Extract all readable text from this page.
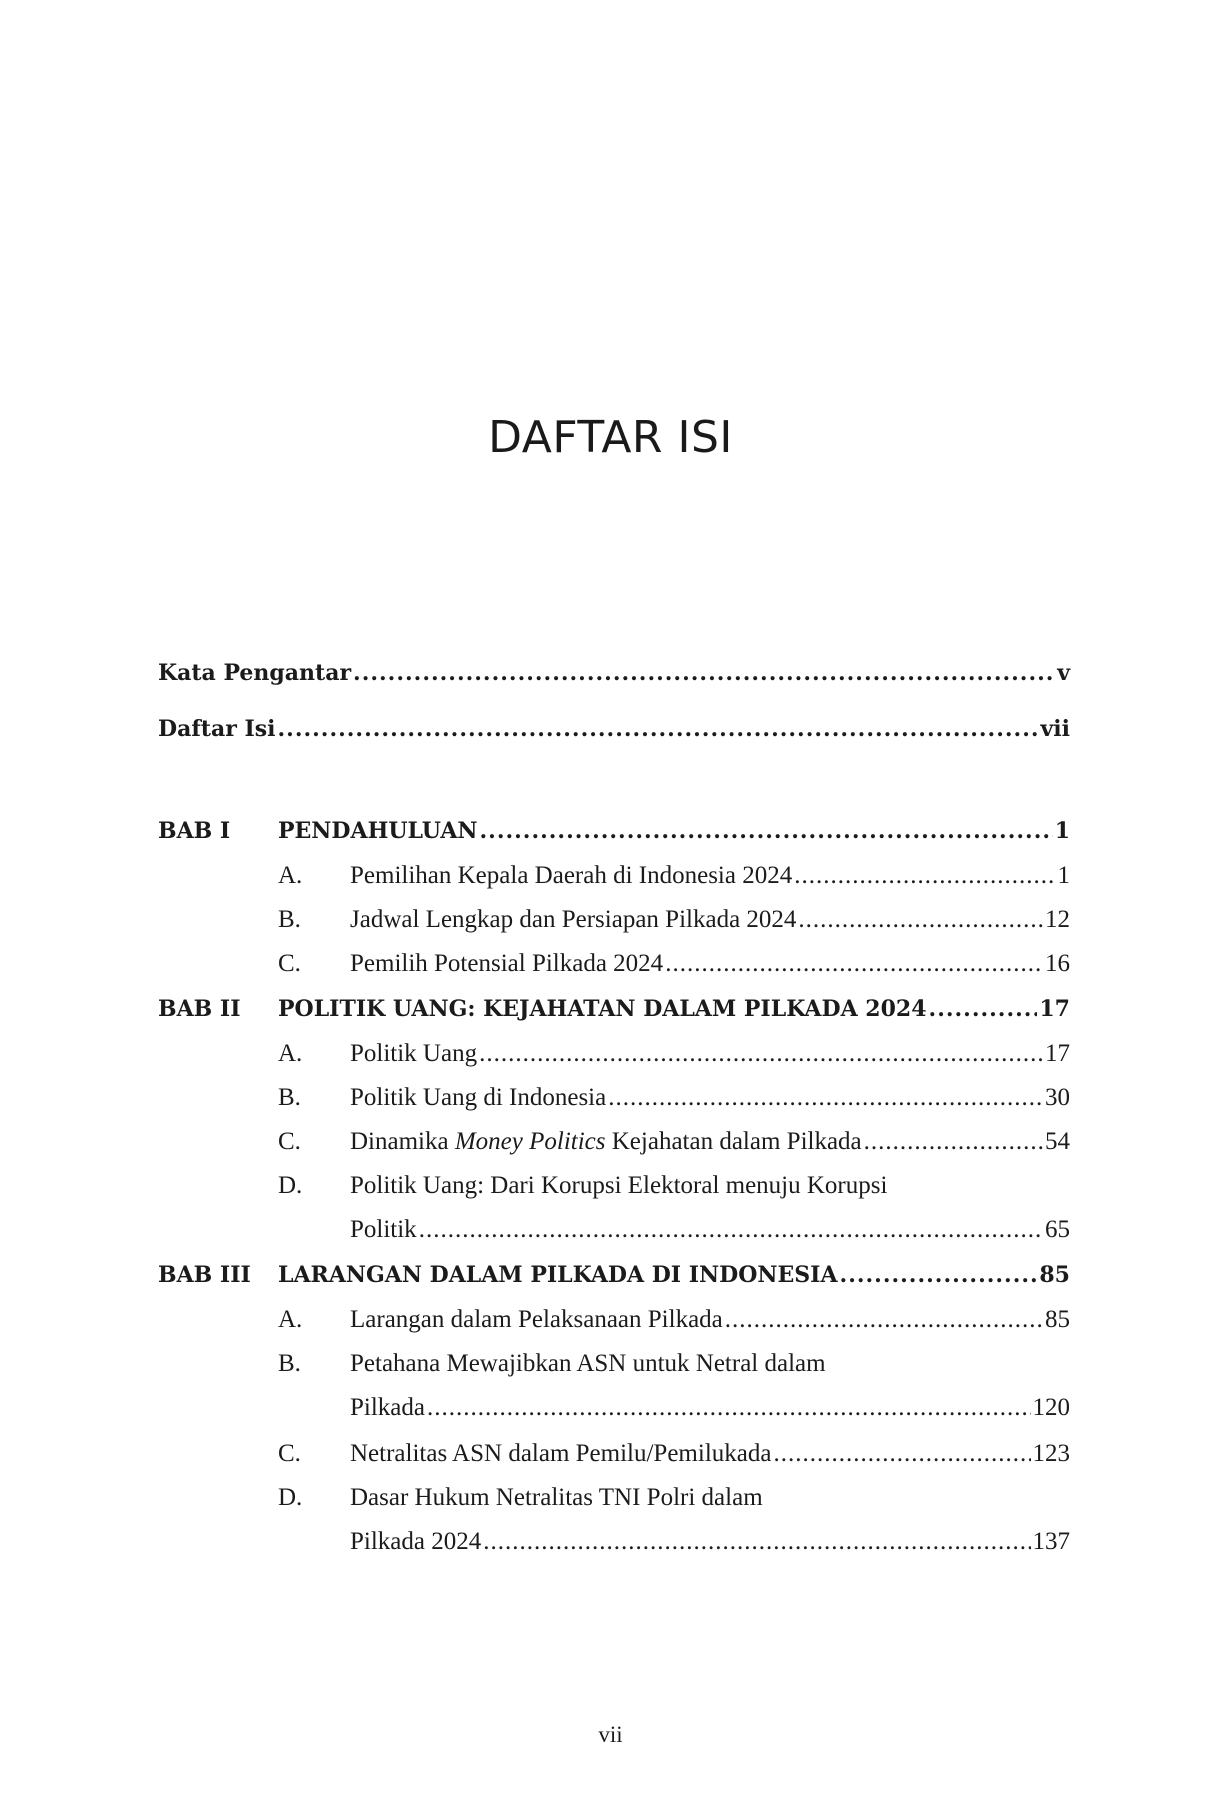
DAFTAR ISI
Kata Pengantar .....	v
Daftar Isi .....	vii
BAB I	PENDAHULUAN .....	1
A.	Pemilihan Kepala Daerah di Indonesia 2024 .....	1
B.	Jadwal Lengkap dan Persiapan Pilkada 2024 .....	12
C.	Pemilih Potensial Pilkada 2024 .....	16
BAB II	POLITIK UANG: KEJAHATAN DALAM PILKADA 2024 .....	17
A.	Politik Uang .....	17
B.	Politik Uang di Indonesia .....	30
C.	Dinamika Money Politics Kejahatan dalam Pilkada .....	54
D.	Politik Uang: Dari Korupsi Elektoral menuju Korupsi
Politik .....	65
BAB III	LARANGAN DALAM PILKADA DI INDONESIA .....	85
A.	Larangan dalam Pelaksanaan Pilkada .....	85
B.	Petahana Mewajibkan ASN untuk Netral dalam
Pilkada .....	120
C.	Netralitas ASN dalam Pemilu/Pemilukada .....	123
D.	Dasar Hukum Netralitas TNI Polri dalam
Pilkada 2024 .....	137
vii
